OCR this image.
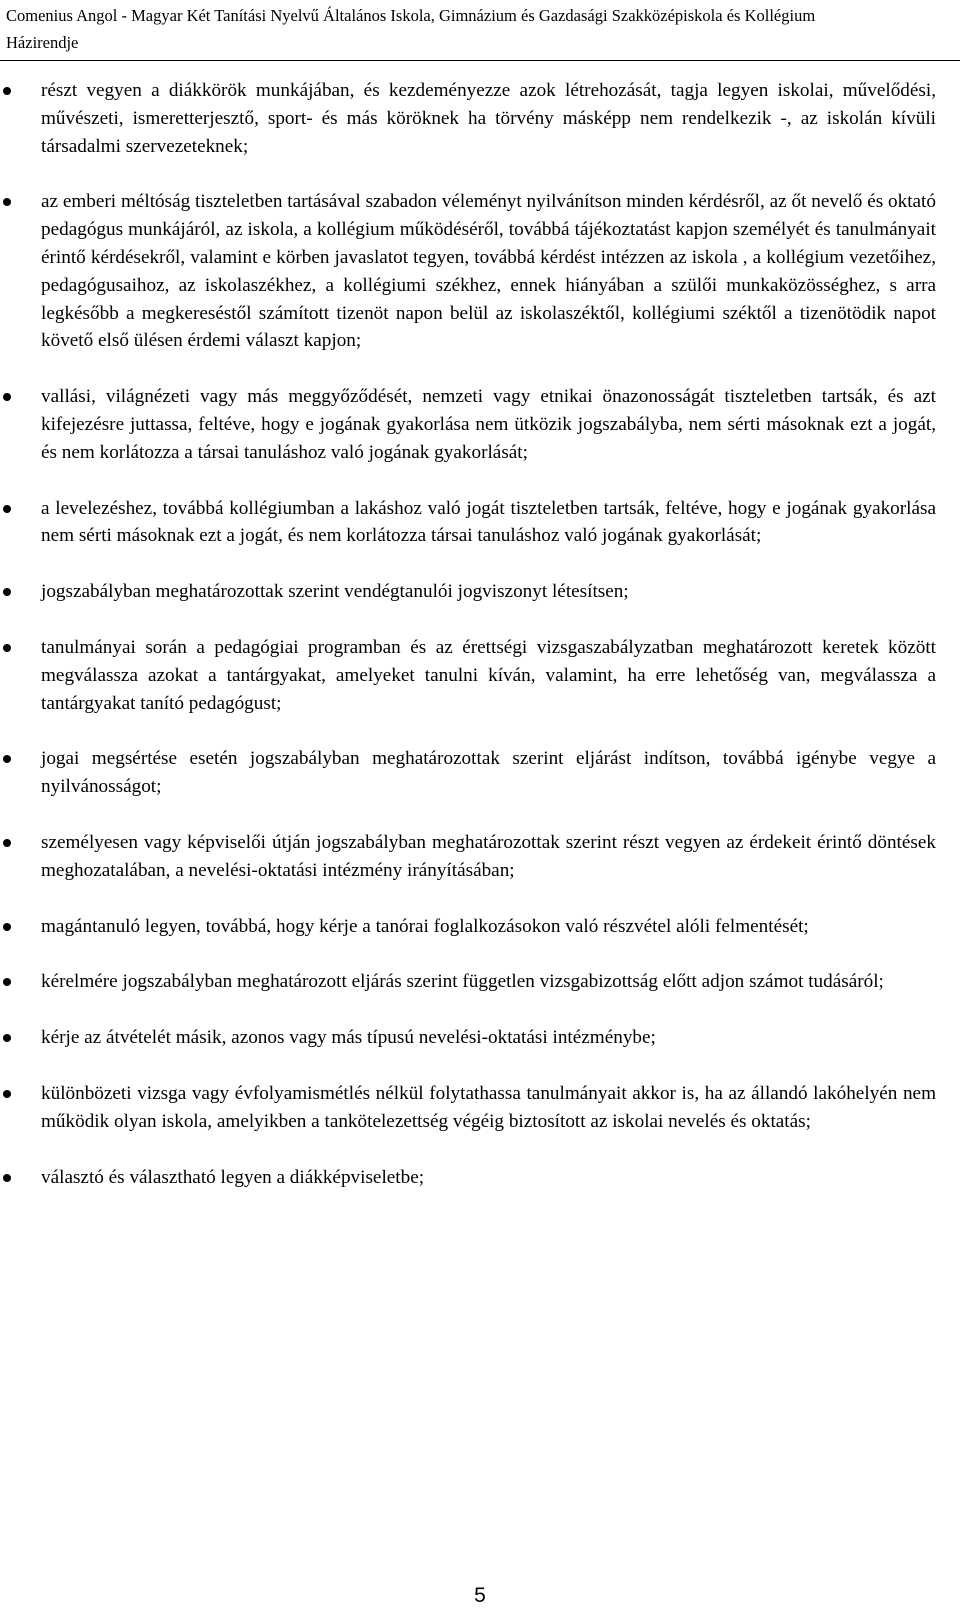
Comenius Angol - Magyar Két Tanítási Nyelvű Általános Iskola, Gimnázium és Gazdasági Szakközépiskola és Kollégium
Házirendje
részt vegyen a diákkörök munkájában, és kezdeményezze azok létrehozását, tagja legyen iskolai, művelődési, művészeti, ismeretterjesztő, sport- és más köröknek ha törvény másképp nem rendelkezik -, az iskolán kívüli társadalmi szervezeteknek;
az emberi méltóság tiszteletben tartásával szabadon véleményt nyilvánítson minden kérdésről, az őt nevelő és oktató pedagógus munkájáról, az iskola, a kollégium működéséről, továbbá tájékoztatást kapjon személyét és tanulmányait érintő kérdésekről, valamint e körben javaslatot tegyen, továbbá kérdést intézzen az iskola , a kollégium vezetőihez, pedagógusaihoz, az iskolaszékhez, a kollégiumi székhez, ennek hiányában a szülői munkaközösséghez, s arra legkésőbb a megkereséstől számított tizenöt napon belül az iskolaszéktől, kollégiumi széktől a tizenötödik napot követő első ülésen érdemi választ kapjon;
vallási, világnézeti vagy más meggyőződését, nemzeti vagy etnikai önazonosságát tiszteletben tartsák, és azt kifejezésre juttassa, feltéve, hogy e jogának gyakorlása nem ütközik jogszabályba, nem sérti másoknak ezt a jogát, és nem korlátozza a társai tanuláshoz való jogának gyakorlását;
a levelezéshez, továbbá kollégiumban a lakáshoz való jogát tiszteletben tartsák, feltéve, hogy e jogának gyakorlása nem sérti másoknak ezt a jogát, és nem korlátozza társai tanuláshoz való jogának gyakorlását;
jogszabályban meghatározottak szerint vendégtanulói jogviszonyt létesítsen;
tanulmányai során a pedagógiai programban és az érettségi vizsgaszabályzatban meghatározott keretek között megválassza azokat a tantárgyakat, amelyeket tanulni kíván, valamint, ha erre lehetőség van, megválassza a tantárgyakat tanító pedagógust;
jogai megsértése esetén jogszabályban meghatározottak szerint eljárást indítson, továbbá igénybe vegye a nyilvánosságot;
személyesen vagy képviselői útján jogszabályban meghatározottak szerint részt vegyen az érdekeit érintő döntések meghozatalában, a nevelési-oktatási intézmény irányításában;
magántanuló legyen, továbbá, hogy kérje a tanórai foglalkozásokon való részvétel alóli felmentését;
kérelmére jogszabályban meghatározott eljárás szerint független vizsgabizottság előtt adjon számot tudásáról;
kérje az átvételét másik, azonos vagy más típusú nevelési-oktatási intézménybe;
különbözeti vizsga vagy évfolyamismétlés nélkül folytathassa tanulmányait akkor is, ha az állandó lakóhelyén nem működik olyan iskola, amelyikben a tankötelezettség végéig biztosított az iskolai nevelés és oktatás;
választó és választható legyen a diákképviseletbe;
5
